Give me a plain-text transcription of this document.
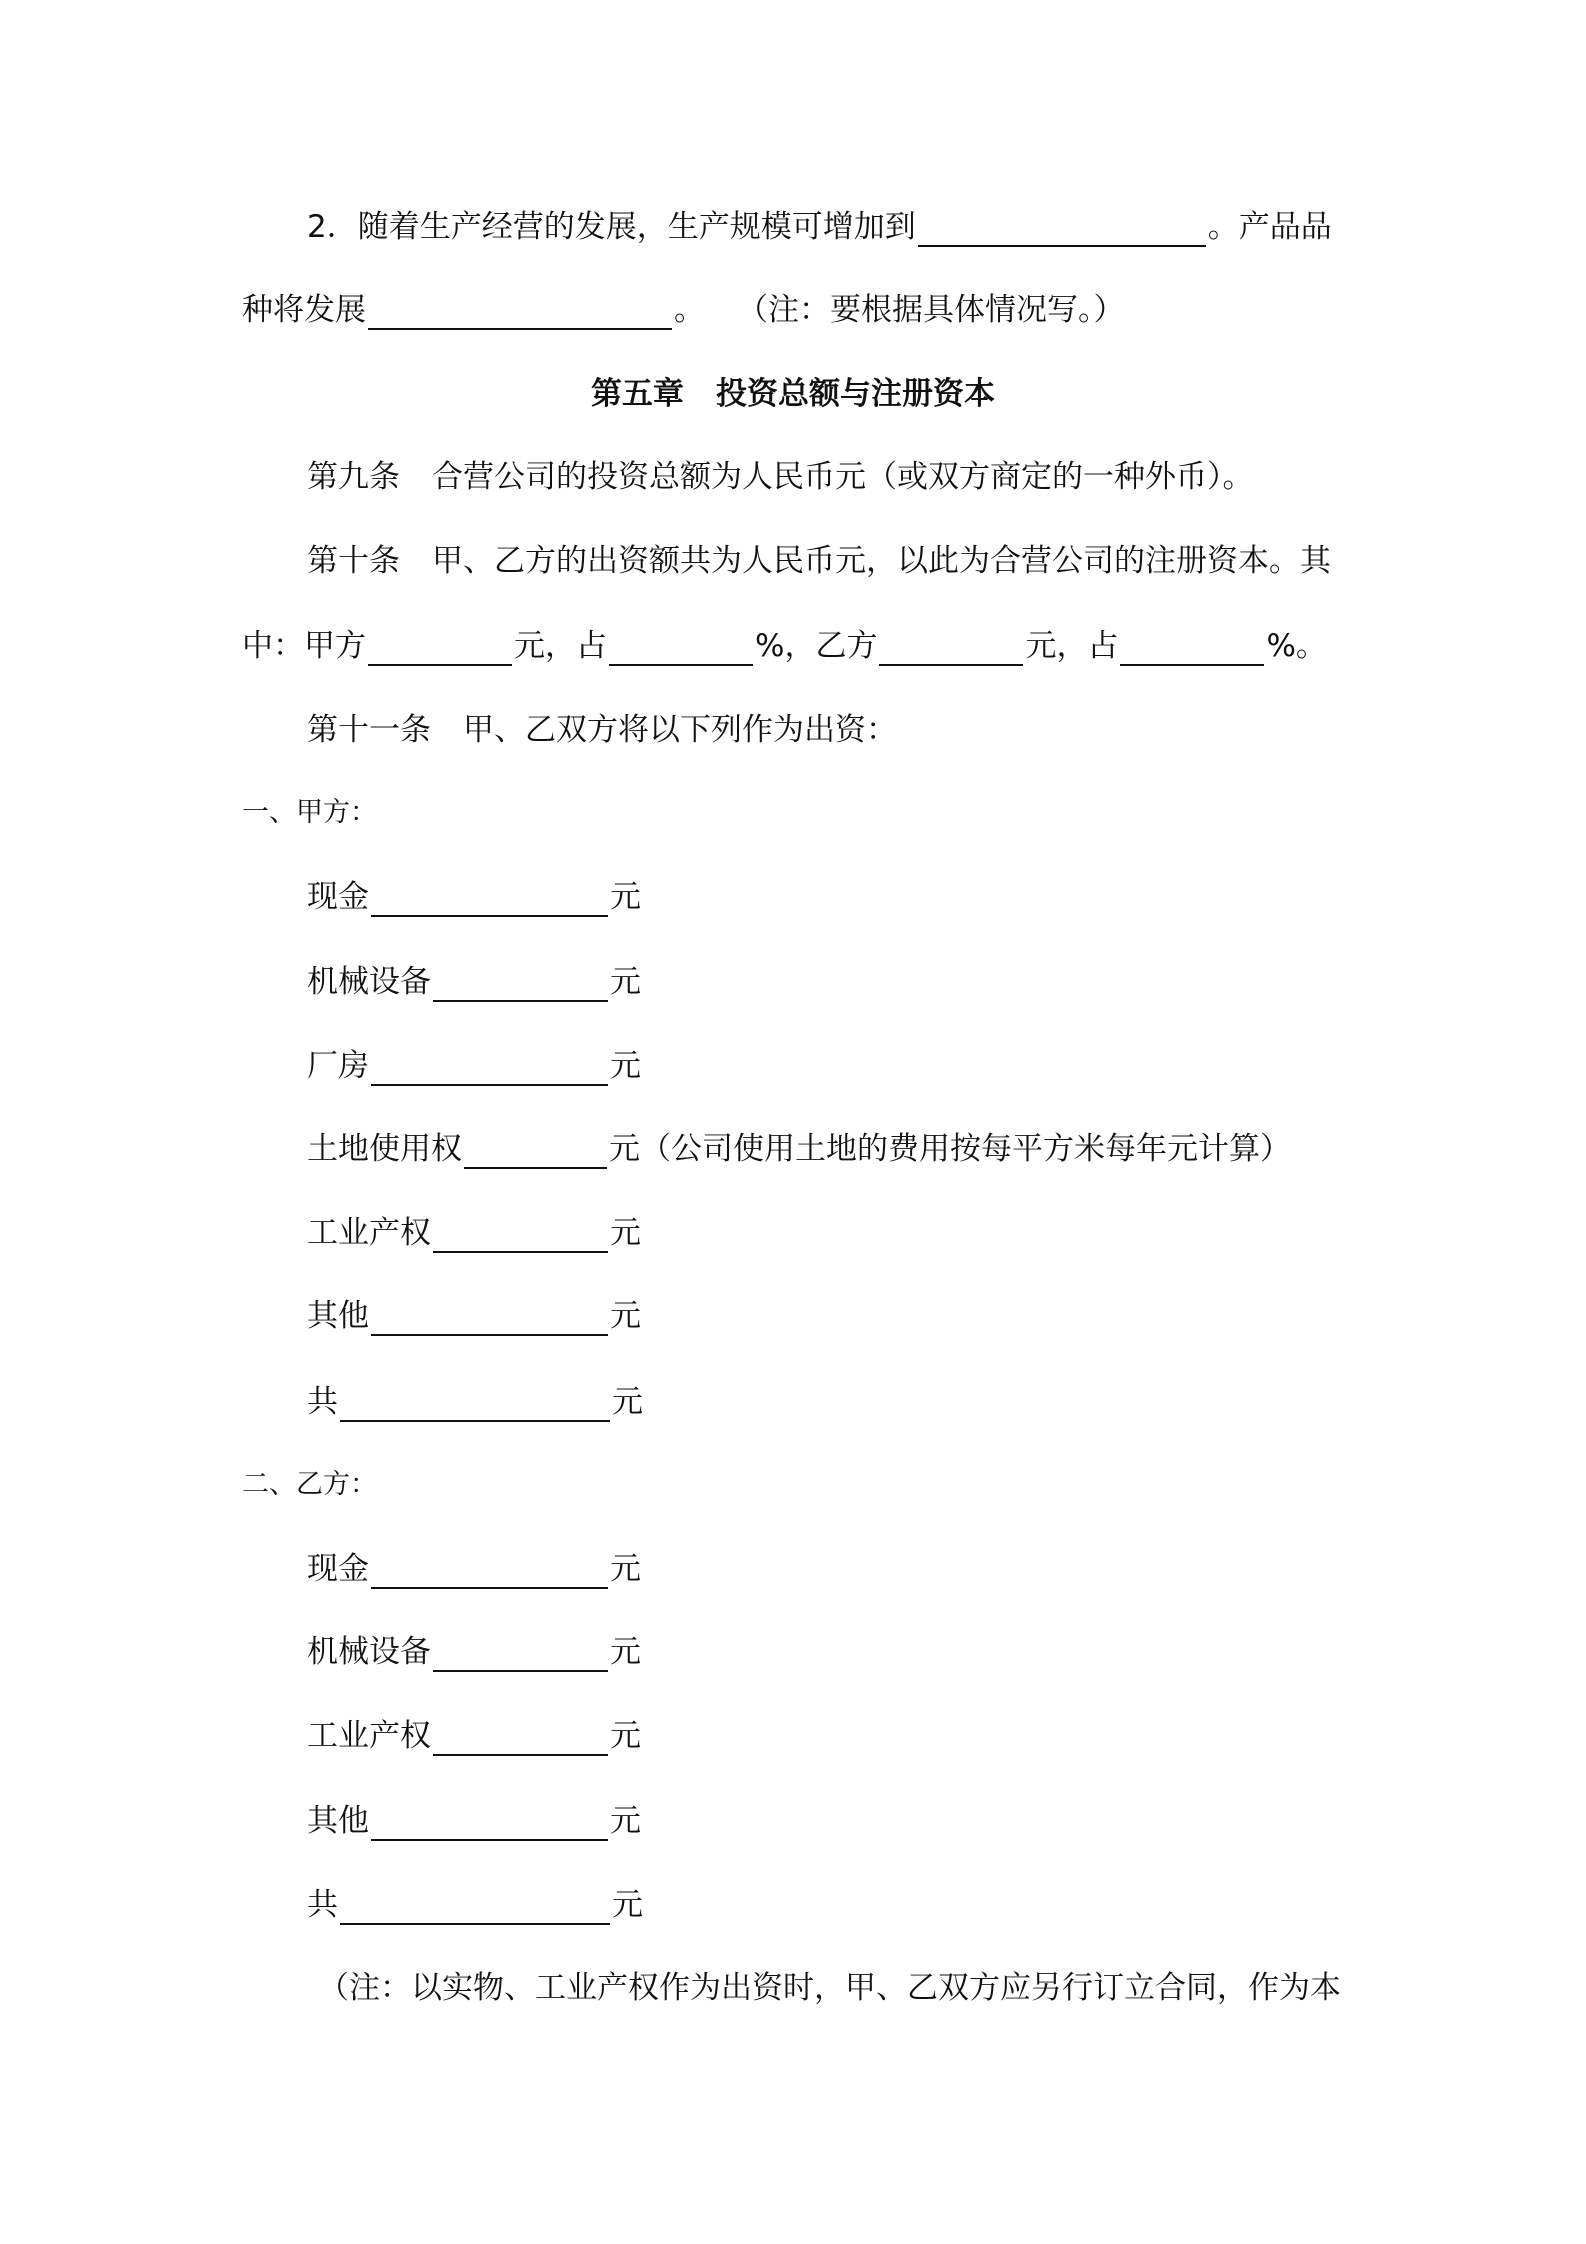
2．随着生产经营的发展，生产规模可增加到	。产品品
种将发展	。 （注：要根据具体情况写。）
第五章 投资总额与注册资本
第九条 合营公司的投资总额为人民币元（或双方商定的一种外币）。
第十条 甲、乙方的出资额共为人民币元，以此为合营公司的注册资本。其
中：甲方	元，占	%，乙方	元，占	%。
第十一条 甲、乙双方将以下列作为出资：
一、甲方：
现金	元
机械设备	元
厂房	元
土地使用权	元（公司使用土地的费用按每平方米每年元计算）
工业产权	元
其他	元
共	元
二、乙方：
现金	元
机械设备	元
工业产权	元
其他	元
共	元
（注：以实物、工业产权作为出资时，甲、乙双方应另行订立合同，作为本
